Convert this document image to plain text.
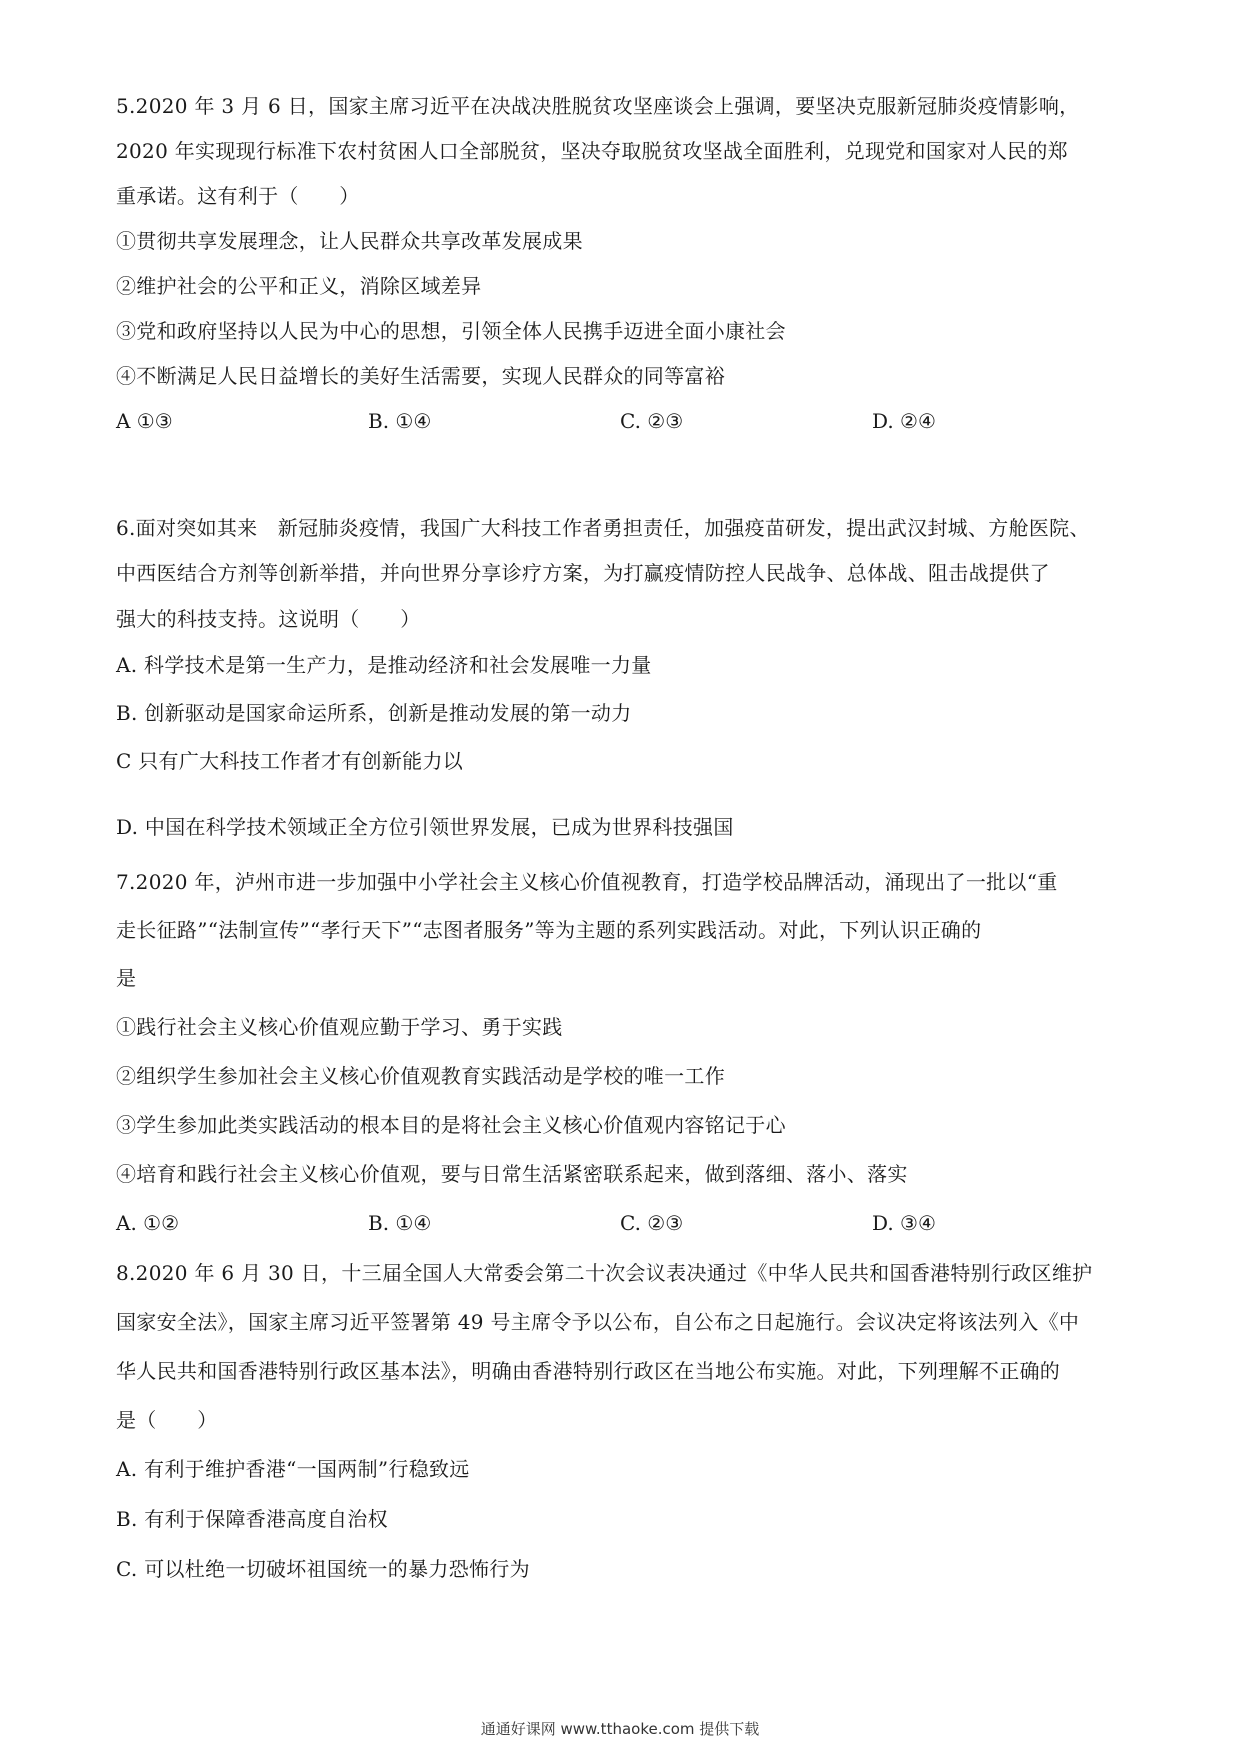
5.2020 年 3 月 6 日，国家主席习近平在决战决胜脱贫攻坚座谈会上强调，要坚决克服新冠肺炎疫情影响，
2020 年实现现行标准下农村贫困人口全部脱贫，坚决夺取脱贫攻坚战全面胜利，兑现党和国家对人民的郑
重承诺。这有利于（　　）
①贯彻共享发展理念，让人民群众共享改革发展成果
②维护社会的公平和正义，消除区域差异
③党和政府坚持以人民为中心的思想，引领全体人民携手迈进全面小康社会
④不断满足人民日益增长的美好生活需要，实现人民群众的同等富裕
A ①③	B. ①④	C. ②③	D. ②④
6.面对突如其来　新冠肺炎疫情，我国广大科技工作者勇担责任，加强疫苗研发，提出武汉封城、方舱医院、
中西医结合方剂等创新举措，并向世界分享诊疗方案，为打赢疫情防控人民战争、总体战、阻击战提供了
强大的科技支持。这说明（　　）
A. 科学技术是第一生产力，是推动经济和社会发展唯一力量
B. 创新驱动是国家命运所系，创新是推动发展的第一动力
C 只有广大科技工作者才有创新能力以
D. 中国在科学技术领域正全方位引领世界发展，已成为世界科技强国
7.2020 年，泸州市进一步加强中小学社会主义核心价值视教育，打造学校品牌活动，涌现出了一批以“重
走长征路”“法制宣传”“孝行天下”“志图者服务”等为主题的系列实践活动。对此，下列认识正确的
是
①践行社会主义核心价值观应勤于学习、勇于实践
②组织学生参加社会主义核心价值观教育实践活动是学校的唯一工作
③学生参加此类实践活动的根本目的是将社会主义核心价值观内容铭记于心
④培育和践行社会主义核心价值观，要与日常生活紧密联系起来，做到落细、落小、落实
A. ①②	B. ①④	C. ②③	D. ③④
8.2020 年 6 月 30 日，十三届全国人大常委会第二十次会议表决通过《中华人民共和国香港特别行政区维护
国家安全法》，国家主席习近平签署第 49 号主席令予以公布，自公布之日起施行。会议决定将该法列入《中
华人民共和国香港特别行政区基本法》，明确由香港特别行政区在当地公布实施。对此，下列理解不正确的
是（　　）
A. 有利于维护香港“一国两制”行稳致远
B. 有利于保障香港高度自治权
C. 可以杜绝一切破坏祖国统一的暴力恐怖行为
通通好课网 www.tthaoke.com 提供下载
